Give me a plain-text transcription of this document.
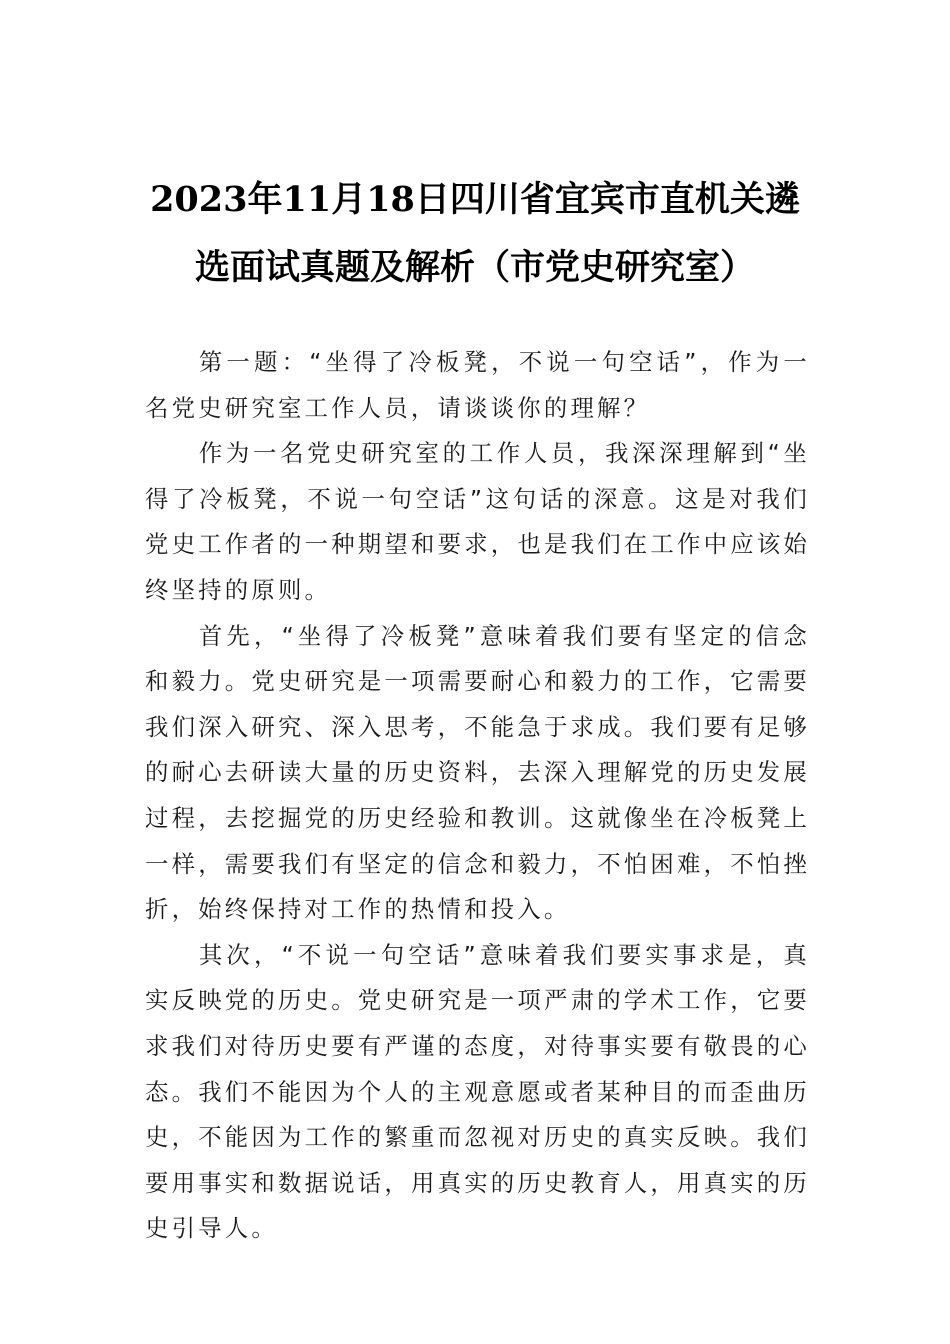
2023年11月18日四川省宜宾市直机关遴
选面试真题及解析（市党史研究室）

第一题：“坐得了冷板凳，不说一句空话”，作为一名党史研究室工作人员，请谈谈你的理解？

作为一名党史研究室的工作人员，我深深理解到“坐得了冷板凳，不说一句空话”这句话的深意。这是对我们党史工作者的一种期望和要求，也是我们在工作中应该始终坚持的原则。

首先，“坐得了冷板凳”意味着我们要有坚定的信念和毅力。党史研究是一项需要耐心和毅力的工作，它需要我们深入研究、深入思考，不能急于求成。我们要有足够的耐心去研读大量的历史资料，去深入理解党的历史发展过程，去挖掘党的历史经验和教训。这就像坐在冷板凳上一样，需要我们有坚定的信念和毅力，不怕困难，不怕挫折，始终保持对工作的热情和投入。

其次，“不说一句空话”意味着我们要实事求是，真实反映党的历史。党史研究是一项严肃的学术工作，它要求我们对待历史要有严谨的态度，对待事实要有敬畏的心态。我们不能因为个人的主观意愿或者某种目的而歪曲历史，不能因为工作的繁重而忽视对历史的真实反映。我们要用事实和数据说话，用真实的历史教育人，用真实的历史引导人。
